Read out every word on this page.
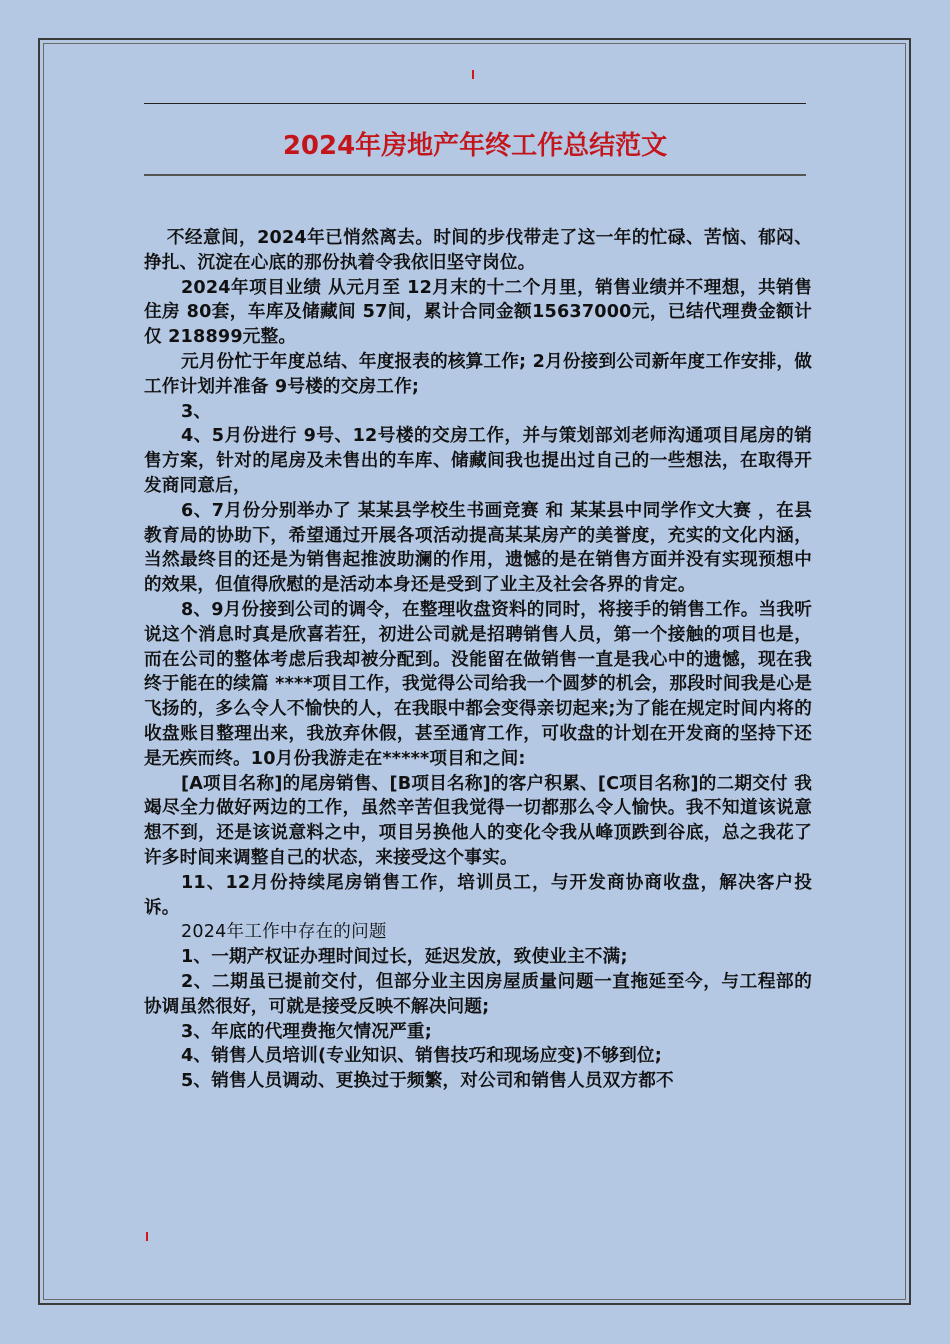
2024年房地产年终工作总结范文

不经意间，2024年已悄然离去。时间的步伐带走了这一年的忙碌、苦恼、郁闷、挣扎、沉淀在心底的那份执着令我依旧坚守岗位。

2024年项目业绩 从元月至 12月末的十二个月里，销售业绩并不理想，共销售住房 80套，车库及储藏间 57间，累计合同金额15637000元，已结代理费金额计仅 218899元整。

元月份忙于年度总结、年度报表的核算工作; 2月份接到公司新年度工作安排，做工作计划并准备 9号楼的交房工作;

3、

4、5月份进行 9号、12号楼的交房工作，并与策划部刘老师沟通项目尾房的销售方案，针对的尾房及未售出的车库、储藏间我也提出过自己的一些想法，在取得开发商同意后，

6、7月份分别举办了 某某县学校生书画竞赛 和 某某县中同学作文大赛 ，在县教育局的协助下，希望通过开展各项活动提高某某房产的美誉度，充实的文化内涵，当然最终目的还是为销售起推波助澜的作用，遗憾的是在销售方面并没有实现预想中的效果，但值得欣慰的是活动本身还是受到了业主及社会各界的肯定。

8、9月份接到公司的调令，在整理收盘资料的同时，将接手的销售工作。当我听说这个消息时真是欣喜若狂，初进公司就是招聘销售人员，第一个接触的项目也是，而在公司的整体考虑后我却被分配到。没能留在做销售一直是我心中的遗憾，现在我终于能在的续篇 ****项目工作，我觉得公司给我一个圆梦的机会，那段时间我是心是飞扬的，多么令人不愉快的人，在我眼中都会变得亲切起来;为了能在规定时间内将的收盘账目整理出来，我放弃休假，甚至通宵工作，可收盘的计划在开发商的坚持下还是无疾而终。10月份我游走在*****项目和之间:

[A项目名称]的尾房销售、[B项目名称]的客户积累、[C项目名称]的二期交付 我竭尽全力做好两边的工作，虽然辛苦但我觉得一切都那么令人愉快。我不知道该说意想不到，还是该说意料之中，项目另换他人的变化令我从峰顶跌到谷底，总之我花了许多时间来调整自己的状态，来接受这个事实。

11、12月份持续尾房销售工作，培训员工，与开发商协商收盘，解决客户投诉。

2024年工作中存在的问题

1、一期产权证办理时间过长，延迟发放，致使业主不满;

2、二期虽已提前交付，但部分业主因房屋质量问题一直拖延至今，与工程部的协调虽然很好，可就是接受反映不解决问题;

3、年底的代理费拖欠情况严重;

4、销售人员培训(专业知识、销售技巧和现场应变)不够到位;

5、销售人员调动、更换过于频繁，对公司和销售人员双方都不
